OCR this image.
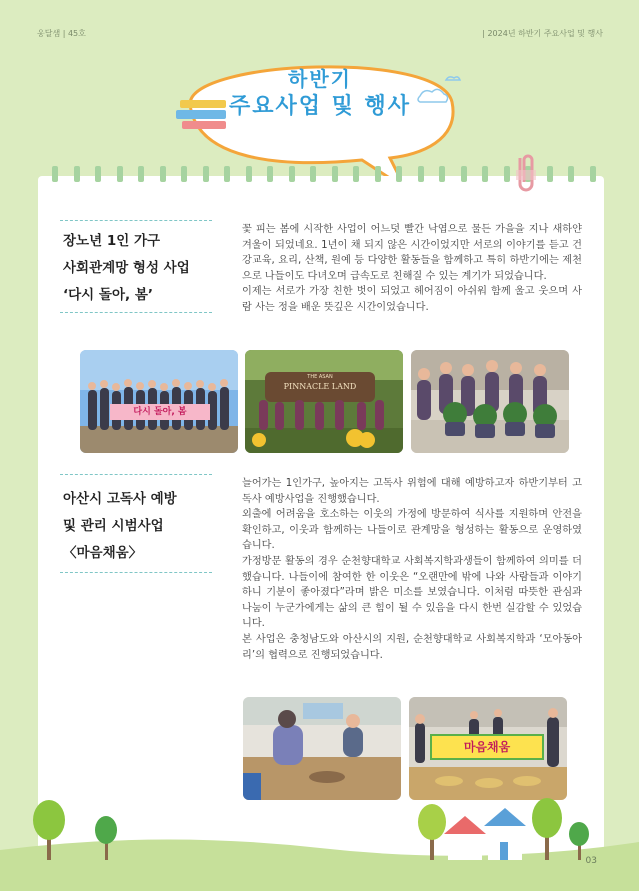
웅달샘 | 45호	| 2024년 하반기 주요사업 및 행사
하반기
주요사업 및 행사
장노년 1인 가구
사회관계망 형성 사업
‘다시 돌아, 봄’

꽃 피는 봄에 시작한 사업이 어느덧 빨간 낙엽으로 물든 가을을 지나 새하얀 겨울이 되었네요. 1년이 채 되지 않은 시간이었지만 서로의 이야기를 듣고 건강교육, 요리, 산책, 원예 등 다양한 활동들을 함께하고 특히 하반기에는 제천으로 나들이도 다녀오며 급속도로 친해질 수 있는 계기가 되었습니다.

이제는 서로가 가장 친한 벗이 되었고 헤어짐이 아쉬워 함께 울고 웃으며 사람 사는 정을 배운 뜻깊은 시간이었습니다.

다시 돌아, 봄
THE ASAN
PINNACLE LAND
아산시 고독사 예방
및 관리 시범사업
〈마음채움〉

늘어가는 1인가구, 높아지는 고독사 위험에 대해 예방하고자 하반기부터 고독사 예방사업을 진행했습니다.

외출에 어려움을 호소하는 이웃의 가정에 방문하여 식사를 지원하며 안전을 확인하고, 이웃과 함께하는 나들이로 관계망을 형성하는 활동으로 운영하였습니다.

가정방문 활동의 경우 순천향대학교 사회복지학과생들이 함께하여 의미를 더했습니다. 나들이에 참여한 한 이웃은 “오랜만에 밖에 나와 사람들과 이야기하니 기분이 좋아졌다”라며 밝은 미소를 보였습니다. 이처럼 따뜻한 관심과 나눔이 누군가에게는 삶의 큰 힘이 될 수 있음을 다시 한번 실감할 수 있었습니다.

본 사업은 충청남도와 아산시의 지원, 순천향대학교 사회복지학과 ‘모아동아리’의 협력으로 진행되었습니다.

마음채움
03
